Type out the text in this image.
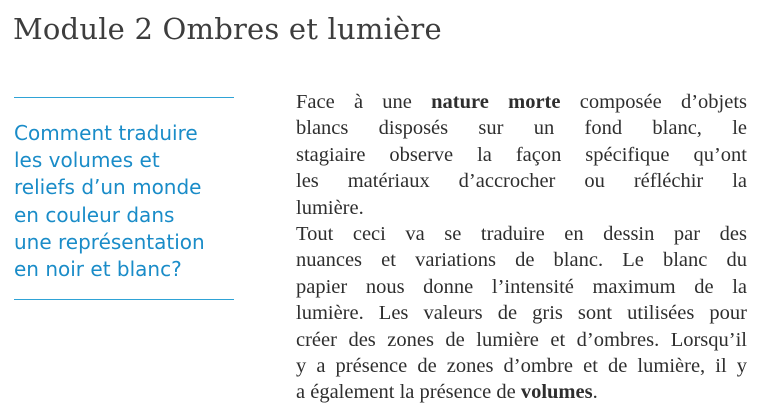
Module 2 Ombres et lumière

Comment traduire
les volumes et
reliefs d’un monde
en couleur dans
une représentation
en noir et blanc?

Face à une nature morte composée d’objets
blancs disposés sur un fond blanc, le
stagiaire observe la façon spécifique qu’ont
les matériaux d’accrocher ou réfléchir la
lumière.
Tout ceci va se traduire en dessin par des
nuances et variations de blanc. Le blanc du
papier nous donne l’intensité maximum de la
lumière. Les valeurs de gris sont utilisées pour
créer des zones de lumière et d’ombres. Lorsqu’il
y a présence de zones d’ombre et de lumière, il y
a également la présence de volumes.
